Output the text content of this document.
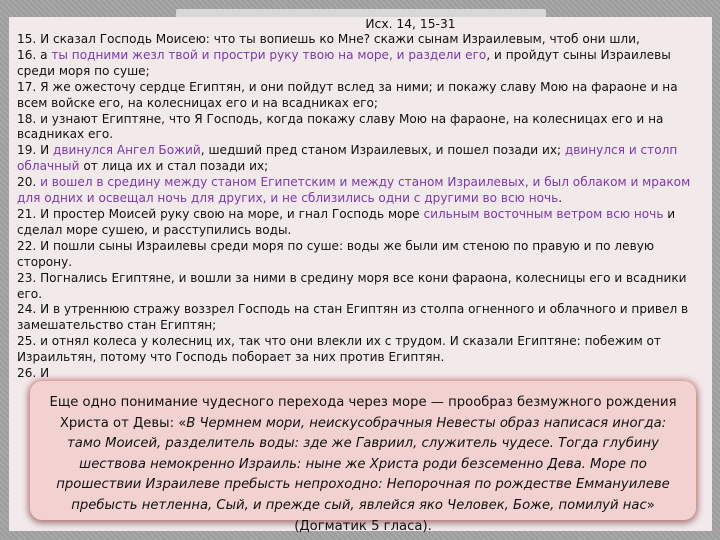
Исх. 14, 15-31

15. И сказал Господь Моисею: что ты вопиешь ко Мне? скажи сынам Израилевым, чтоб они шли,

16. а ты подними жезл твой и простри руку твою на море, и раздели его, и пройдут сыны Израилевы среди моря по суше;

17. Я же ожесточу сердце Египтян, и они пойдут вслед за ними; и покажу славу Мою на фараоне и на всем войске его, на колесницах его и на всадниках его;

18. и узнают Египтяне, что Я Господь, когда покажу славу Мою на фараоне, на колесницах его и на всадниках его.

19. И двинулся Ангел Божий, шедший пред станом Израилевых, и пошел позади их; двинулся и столп облачный от лица их и стал позади их;

20. и вошел в средину между станом Египетским и между станом Израилевых, и был облаком и мраком для одних и освещал ночь для других, и не сблизились одни с другими во всю ночь.

21. И простер Моисей руку свою на море, и гнал Господь море сильным восточным ветром всю ночь и сделал море сушею, и расступились воды.

22. И пошли сыны Израилевы среди моря по суше: воды же были им стеною по правую и по левую сторону.

23. Погнались Египтяне, и вошли за ними в средину моря все кони фараона, колесницы его и всадники его.

24. И в утреннюю стражу воззрел Господь на стан Египтян из столпа огненного и облачного и привел в замешательство стан Египтян;

25. и отнял колеса у колесниц их, так что они влекли их с трудом. И сказали Египтяне: побежим от Израильтян, потому что Господь поборает за них против Египтян.

26. И
Еще одно понимание чудесного перехода через море — прообраз безмужного рождения Христа от Девы: «В Чермнем мори, неискусобрачныя Невесты образ написася иногда: тамо Моисей, разделитель воды: зде же Гавриил, служитель чудесе. Тогда глубину шествова немокренно Израиль: ныне же Христа роди безсеменно Дева. Море по прошествии Израилеве пребысть непроходно: Непорочная по рождестве Еммануилеве пребысть нетленна, Сый, и прежде сый, явлейся яко Человек, Боже, помилуй нас» (Догматик 5 гласа).
